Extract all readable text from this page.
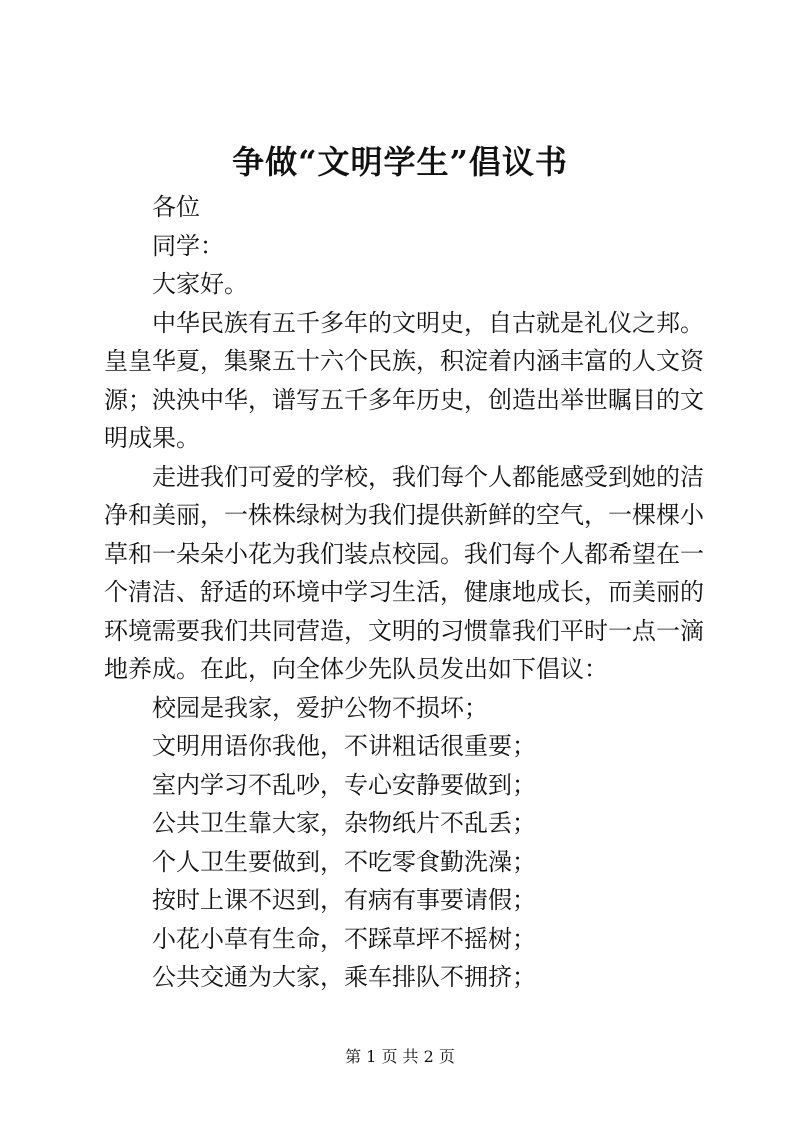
争做“文明学生”倡议书

各位

同学：

大家好。

中华民族有五千多年的文明史，自古就是礼仪之邦。皇皇华夏，集聚五十六个民族，积淀着内涵丰富的人文资源；泱泱中华，谱写五千多年历史，创造出举世瞩目的文明成果。

走进我们可爱的学校，我们每个人都能感受到她的洁净和美丽，一株株绿树为我们提供新鲜的空气，一棵棵小草和一朵朵小花为我们装点校园。我们每个人都希望在一个清洁、舒适的环境中学习生活，健康地成长，而美丽的环境需要我们共同营造，文明的习惯靠我们平时一点一滴地养成。在此，向全体少先队员发出如下倡议：

校园是我家，爱护公物不损坏；

文明用语你我他，不讲粗话很重要；

室内学习不乱吵，专心安静要做到；

公共卫生靠大家，杂物纸片不乱丢；

个人卫生要做到，不吃零食勤洗澡；

按时上课不迟到，有病有事要请假；

小花小草有生命，不踩草坪不摇树；

公共交通为大家，乘车排队不拥挤；

第 1 页 共 2 页
